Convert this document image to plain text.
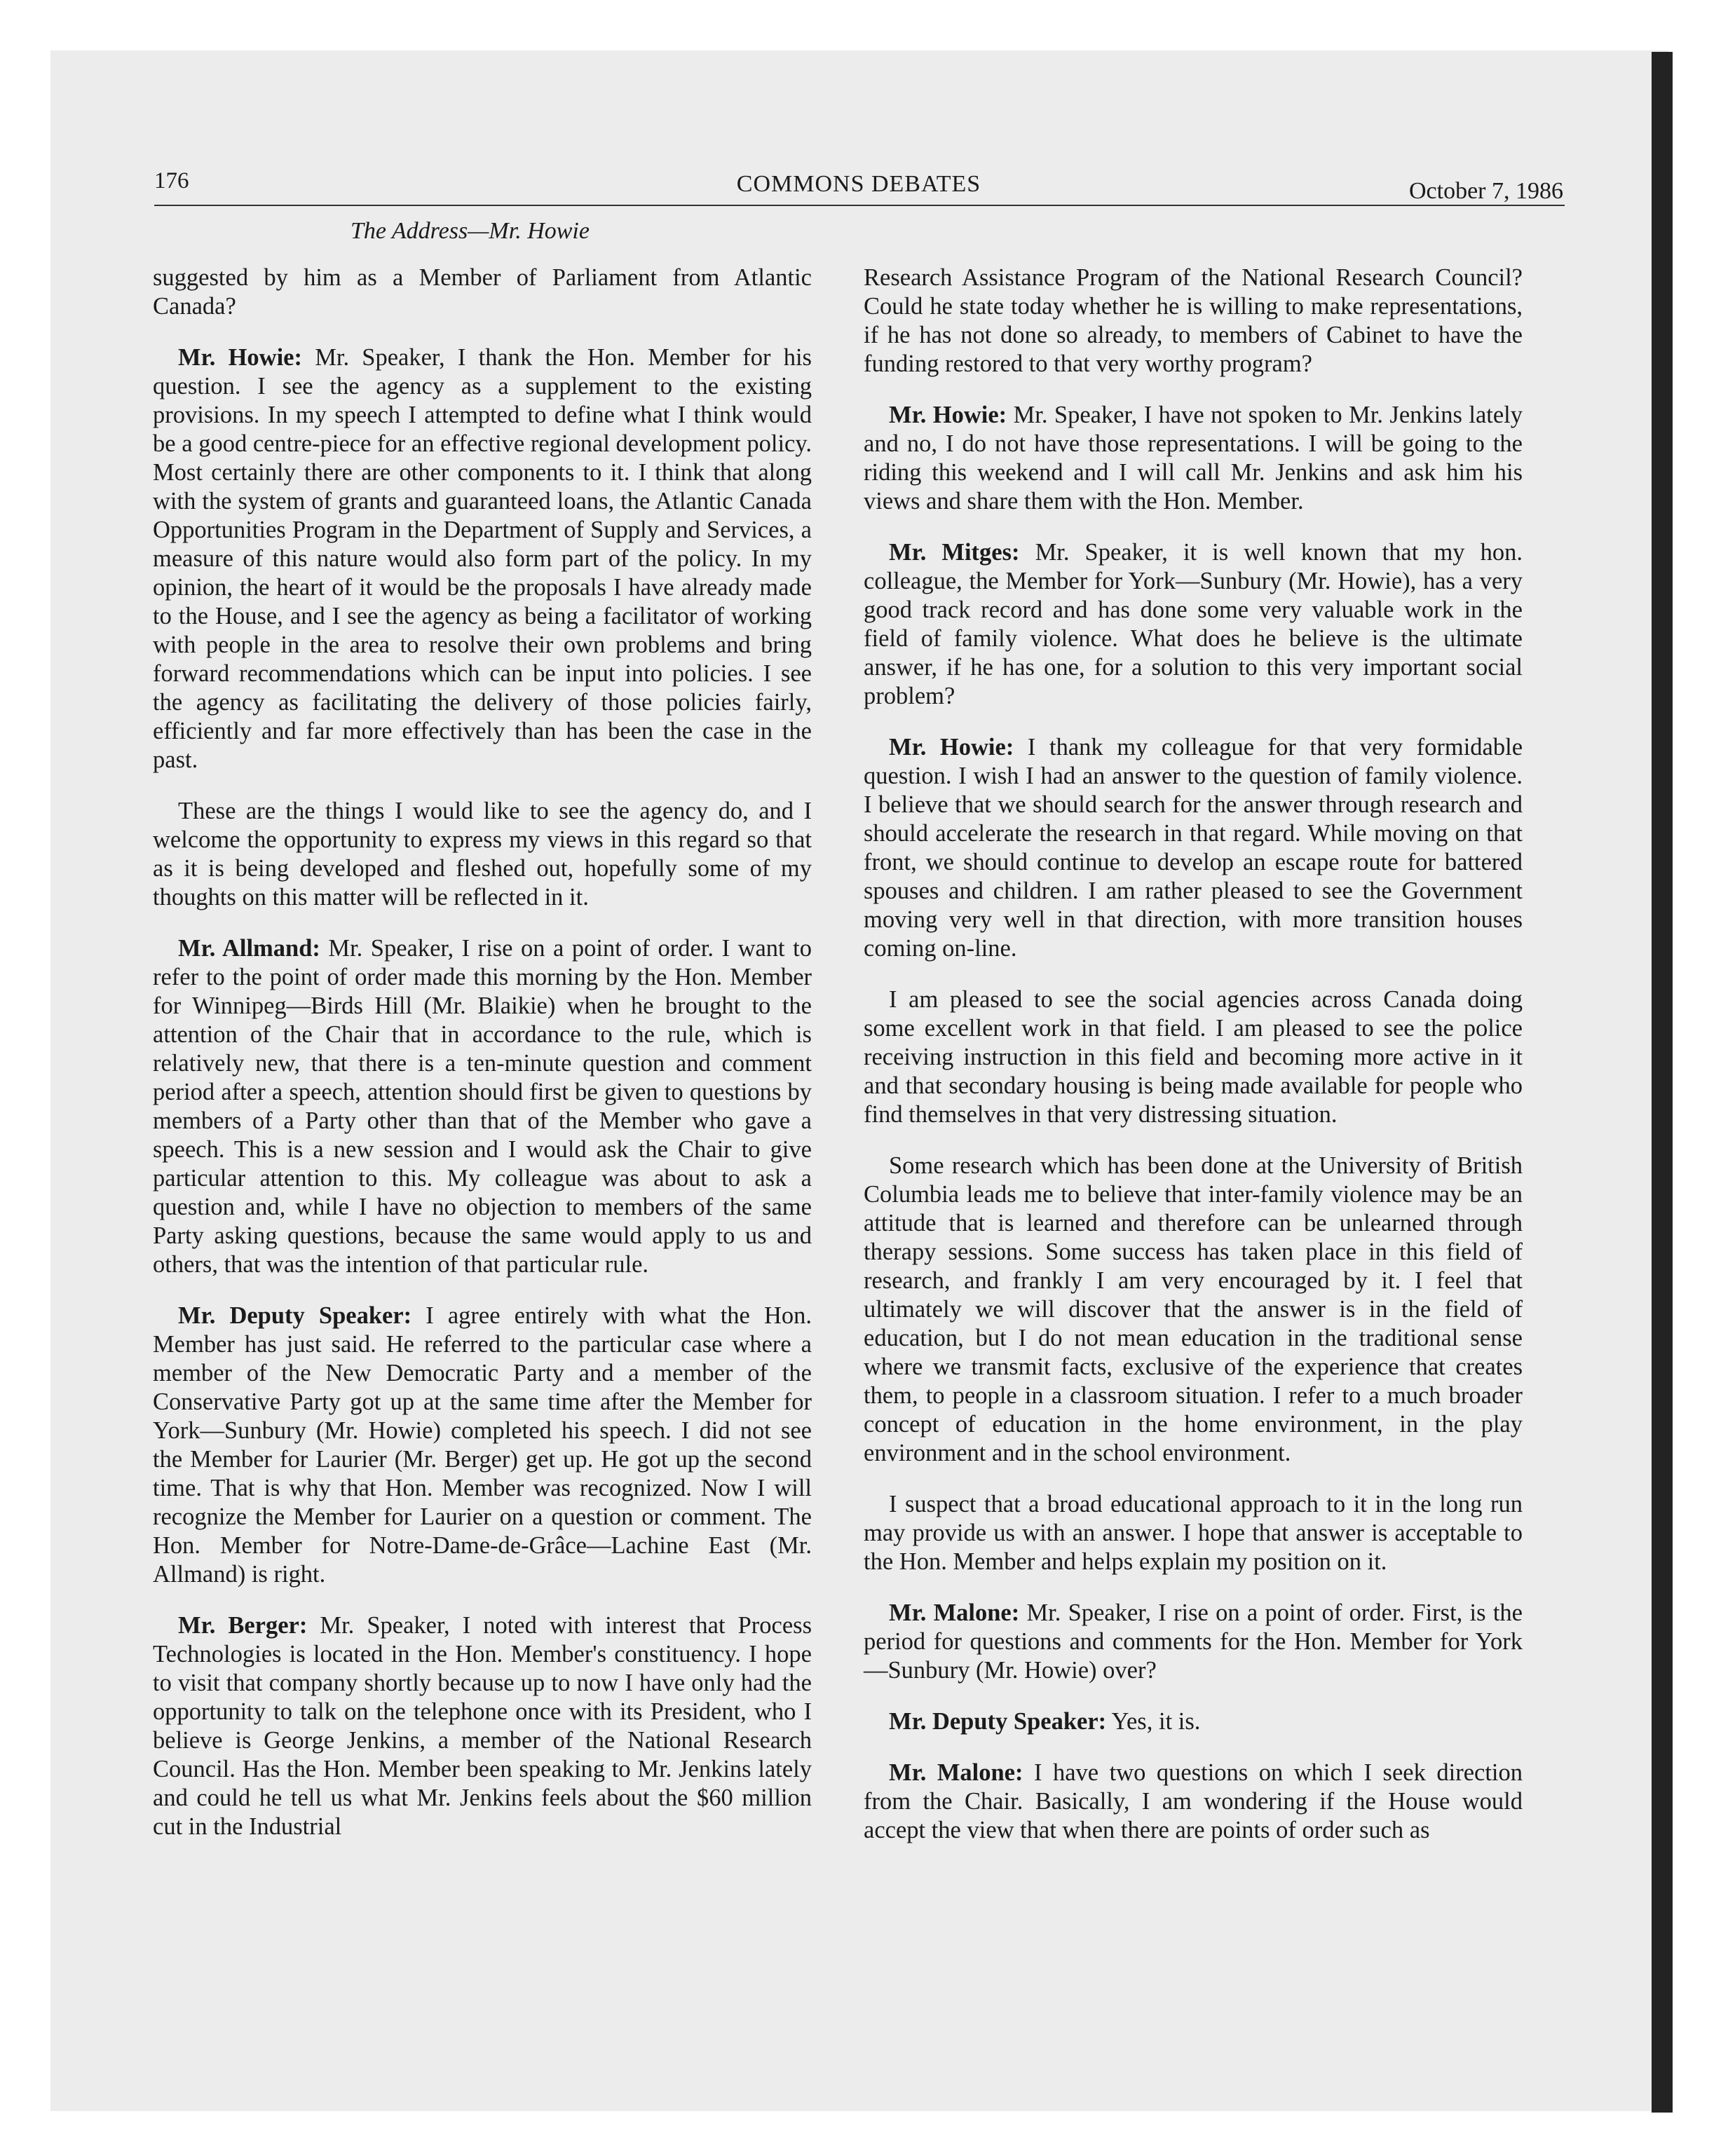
176	COMMONS DEBATES	October 7, 1986
The Address—Mr. Howie

suggested by him as a Member of Parliament from Atlantic Canada?

Mr. Howie: Mr. Speaker, I thank the Hon. Member for his question. I see the agency as a supplement to the existing provisions. In my speech I attempted to define what I think would be a good centre-piece for an effective regional development policy. Most certainly there are other components to it. I think that along with the system of grants and guaranteed loans, the Atlantic Canada Opportunities Program in the Department of Supply and Services, a measure of this nature would also form part of the policy. In my opinion, the heart of it would be the proposals I have already made to the House, and I see the agency as being a facilitator of working with people in the area to resolve their own problems and bring forward recommendations which can be input into policies. I see the agency as facilitating the delivery of those policies fairly, efficiently and far more effectively than has been the case in the past.

These are the things I would like to see the agency do, and I welcome the opportunity to express my views in this regard so that as it is being developed and fleshed out, hopefully some of my thoughts on this matter will be reflected in it.

Mr. Allmand: Mr. Speaker, I rise on a point of order. I want to refer to the point of order made this morning by the Hon. Member for Winnipeg—Birds Hill (Mr. Blaikie) when he brought to the attention of the Chair that in accordance to the rule, which is relatively new, that there is a ten-minute question and comment period after a speech, attention should first be given to questions by members of a Party other than that of the Member who gave a speech. This is a new session and I would ask the Chair to give particular attention to this. My colleague was about to ask a question and, while I have no objection to members of the same Party asking questions, because the same would apply to us and others, that was the intention of that particular rule.

Mr. Deputy Speaker: I agree entirely with what the Hon. Member has just said. He referred to the particular case where a member of the New Democratic Party and a member of the Conservative Party got up at the same time after the Member for York—Sunbury (Mr. Howie) completed his speech. I did not see the Member for Laurier (Mr. Berger) get up. He got up the second time. That is why that Hon. Member was recognized. Now I will recognize the Member for Laurier on a question or comment. The Hon. Member for Notre-Dame-de-Grâce—Lachine East (Mr. Allmand) is right.

Mr. Berger: Mr. Speaker, I noted with interest that Process Technologies is located in the Hon. Member's constituency. I hope to visit that company shortly because up to now I have only had the opportunity to talk on the telephone once with its President, who I believe is George Jenkins, a member of the National Research Council. Has the Hon. Member been speaking to Mr. Jenkins lately and could he tell us what Mr. Jenkins feels about the $60 million cut in the Industrial

Research Assistance Program of the National Research Council? Could he state today whether he is willing to make representations, if he has not done so already, to members of Cabinet to have the funding restored to that very worthy program?

Mr. Howie: Mr. Speaker, I have not spoken to Mr. Jenkins lately and no, I do not have those representations. I will be going to the riding this weekend and I will call Mr. Jenkins and ask him his views and share them with the Hon. Member.

Mr. Mitges: Mr. Speaker, it is well known that my hon. colleague, the Member for York—Sunbury (Mr. Howie), has a very good track record and has done some very valuable work in the field of family violence. What does he believe is the ultimate answer, if he has one, for a solution to this very important social problem?

Mr. Howie: I thank my colleague for that very formidable question. I wish I had an answer to the question of family violence. I believe that we should search for the answer through research and should accelerate the research in that regard. While moving on that front, we should continue to develop an escape route for battered spouses and children. I am rather pleased to see the Government moving very well in that direction, with more transition houses coming on-line.

I am pleased to see the social agencies across Canada doing some excellent work in that field. I am pleased to see the police receiving instruction in this field and becoming more active in it and that secondary housing is being made available for people who find themselves in that very distressing situation.

Some research which has been done at the University of British Columbia leads me to believe that inter-family violence may be an attitude that is learned and therefore can be unlearned through therapy sessions. Some success has taken place in this field of research, and frankly I am very encouraged by it. I feel that ultimately we will discover that the answer is in the field of education, but I do not mean education in the traditional sense where we transmit facts, exclusive of the experience that creates them, to people in a classroom situation. I refer to a much broader concept of education in the home environment, in the play environment and in the school environment.

I suspect that a broad educational approach to it in the long run may provide us with an answer. I hope that answer is acceptable to the Hon. Member and helps explain my position on it.

Mr. Malone: Mr. Speaker, I rise on a point of order. First, is the period for questions and comments for the Hon. Member for York—Sunbury (Mr. Howie) over?

Mr. Deputy Speaker: Yes, it is.

Mr. Malone: I have two questions on which I seek direction from the Chair. Basically, I am wondering if the House would accept the view that when there are points of order such as
